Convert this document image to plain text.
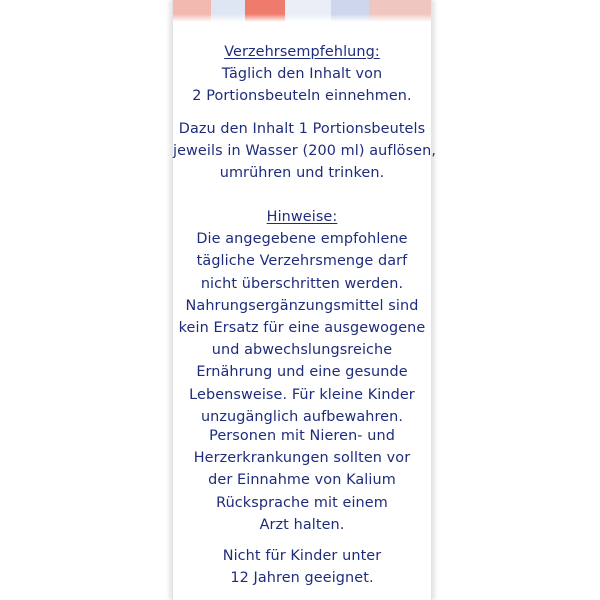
Verzehrsempfehlung:
Täglich den Inhalt von
2 Portionsbeuteln einnehmen.
Dazu den Inhalt 1 Portionsbeutels
jeweils in Wasser (200 ml) auflösen,
umrühren und trinken.
Hinweise:
Die angegebene empfohlene
tägliche Verzehrsmenge darf
nicht überschritten werden.
Nahrungsergänzungsmittel sind
kein Ersatz für eine ausgewogene
und abwechslungsreiche
Ernährung und eine gesunde
Lebensweise. Für kleine Kinder
unzugänglich aufbewahren.
Personen mit Nieren- und
Herzerkrankungen sollten vor
der Einnahme von Kalium
Rücksprache mit einem
Arzt halten.
Nicht für Kinder unter
12 Jahren geeignet.
